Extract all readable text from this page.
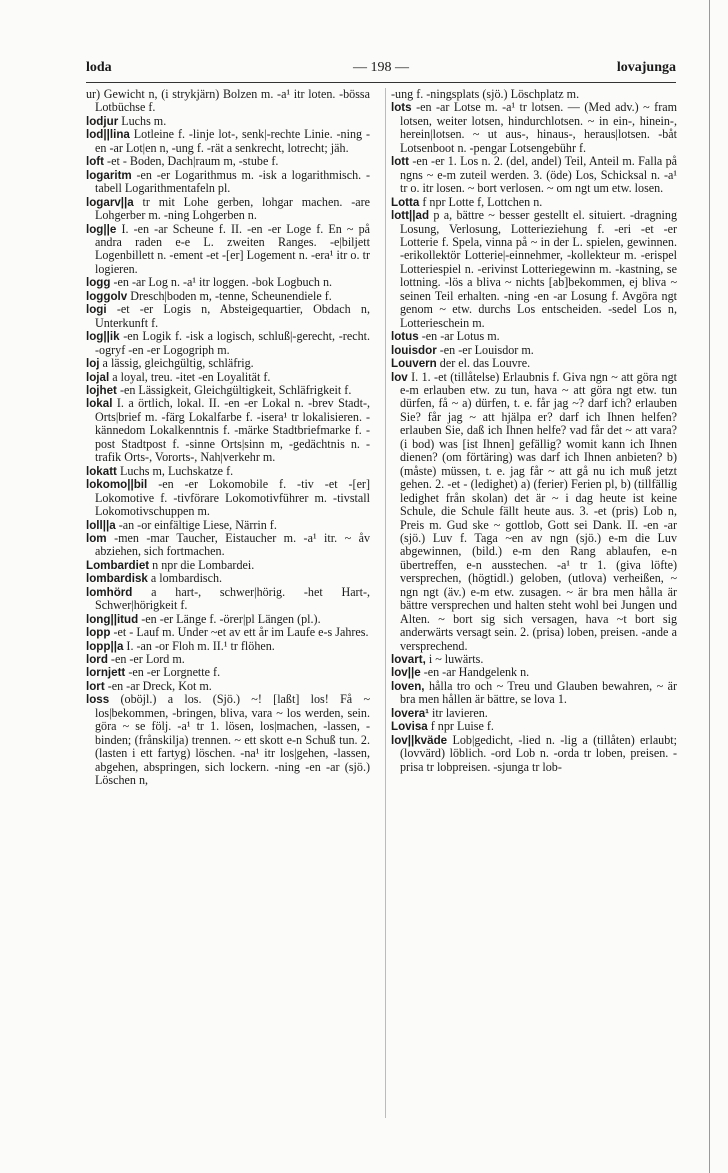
loda	— 198 —	lovajunga

ur) Gewicht n, (i strykjärn) Bolzen m. -a¹ itr loten. -bössa Lotbüchse f.

lodjur Luchs m.

lod||lina Lotleine f. -linje lot-, senk|-rechte Linie. -ning -en -ar Lot|en n, -ung f. -rät a senkrecht, lotrecht; jäh.

loft -et - Boden, Dach|raum m, -stube f.

logaritm -en -er Logarithmus m. -isk a logarithmisch. -tabell Logarithmentafeln pl.

logarv||a tr mit Lohe gerben, lohgar machen. -are Lohgerber m. -ning Lohgerben n.

log||e I. -en -ar Scheune f. II. -en -er Loge f. En ~ på andra raden e-e L. zweiten Ranges. -e|biljett Logenbillett n. -ement -et -[er] Logement n. -era¹ itr o. tr logieren.

logg -en -ar Log n. -a¹ itr loggen. -bok Logbuch n.

loggolv Dresch|boden m, -tenne, Scheunendiele f.

logi -et -er Logis n, Absteigequartier, Obdach n, Unterkunft f.

log||ik -en Logik f. -isk a logisch, schluß|-gerecht, -recht. -ogryf -en -er Logogriph m.

loj a lässig, gleichgültig, schläfrig.

lojal a loyal, treu. -itet -en Loyalität f.

lojhet -en Lässigkeit, Gleichgültigkeit, Schläfrigkeit f.

lokal I. a örtlich, lokal. II. -en -er Lokal n. -brev Stadt-, Orts|brief m. -färg Lokalfarbe f. -isera¹ tr lokalisieren. -kännedom Lokalkenntnis f. -märke Stadtbriefmarke f. -post Stadtpost f. -sinne Orts|sinn m, -gedächtnis n. -trafik Orts-, Vororts-, Nah|verkehr m.

lokatt Luchs m, Luchskatze f.

lokomo||bil -en -er Lokomobile f. -tiv -et -[er] Lokomotive f. -tivförare Lokomotivführer m. -tivstall Lokomotivschuppen m.

loll||a -an -or einfältige Liese, Närrin f.

lom -men -mar Taucher, Eistaucher m. -a¹ itr. ~ åv abziehen, sich fortmachen.

Lombardiet n npr die Lombardei.

lombardisk a lombardisch.

lomhörd a hart-, schwer|hörig. -het Hart-, Schwer|hörigkeit f.

long||itud -en -er Länge f. -örer|pl Längen (pl.).

lopp -et - Lauf m. Under ~et av ett år im Laufe e-s Jahres.

lopp||a I. -an -or Floh m. II.¹ tr flöhen.

lord -en -er Lord m.

lornjett -en -er Lorgnette f.

lort -en -ar Dreck, Kot m.

loss (oböjl.) a los. (Sjö.) ~! [laßt] los! Få ~ los|bekommen, -bringen, bliva, vara ~ los werden, sein. göra ~ se följ. -a¹ tr 1. lösen, los|machen, -lassen, -binden; (frånskilja) trennen. ~ ett skott e-n Schuß tun. 2. (lasten i ett fartyg) löschen. -na¹ itr los|gehen, -lassen, abgehen, abspringen, sich lockern. -ning -en -ar (sjö.) Löschen n,

-ung f. -ningsplats (sjö.) Löschplatz m.

lots -en -ar Lotse m. -a¹ tr lotsen. — (Med adv.) ~ fram lotsen, weiter lotsen, hindurchlotsen. ~ in ein-, hinein-, herein|lotsen. ~ ut aus-, hinaus-, heraus|lotsen. -båt Lotsenboot n. -pengar Lotsengebühr f.

lott -en -er 1. Los n. 2. (del, andel) Teil, Anteil m. Falla på ngns ~ e-m zuteil werden. 3. (öde) Los, Schicksal n. -a¹ tr o. itr losen. ~ bort verlosen. ~ om ngt um etw. losen.

Lotta f npr Lotte f, Lottchen n.

lott||ad p a, bättre ~ besser gestellt el. situiert. -dragning Losung, Verlosung, Lotterieziehung f. -eri -et -er Lotterie f. Spela, vinna på ~ in der L. spielen, gewinnen. -erikollektör Lotterie|-einnehmer, -kollekteur m. -erispel Lotteriespiel n. -erivinst Lotteriegewinn m. -kastning, se lottning. -lös a bliva ~ nichts [ab]bekommen, ej bliva ~ seinen Teil erhalten. -ning -en -ar Losung f. Avgöra ngt genom ~ etw. durchs Los entscheiden. -sedel Los n, Lotterieschein m.

lotus -en -ar Lotus m.

louisdor -en -er Louisdor m.

Louvern der el. das Louvre.

lov I. 1. -et (tillåtelse) Erlaubnis f. Giva ngn ~ att göra ngt e-m erlauben etw. zu tun, hava ~ att göra ngt etw. tun dürfen, få ~ a) dürfen, t. e. får jag ~? darf ich? erlauben Sie? får jag ~ att hjälpa er? darf ich Ihnen helfen? erlauben Sie, daß ich Ihnen helfe? vad får det ~ att vara? (i bod) was [ist Ihnen] gefällig? womit kann ich Ihnen dienen? (om förtäring) was darf ich Ihnen anbieten? b) (måste) müssen, t. e. jag får ~ att gå nu ich muß jetzt gehen. 2. -et - (ledighet) a) (ferier) Ferien pl, b) (tillfällig ledighet från skolan) det är ~ i dag heute ist keine Schule, die Schule fällt heute aus. 3. -et (pris) Lob n, Preis m. Gud ske ~ gottlob, Gott sei Dank. II. -en -ar (sjö.) Luv f. Taga ~en av ngn (sjö.) e-m die Luv abgewinnen, (bild.) e-m den Rang ablaufen, e-n übertreffen, e-n ausstechen. -a¹ tr 1. (giva löfte) versprechen, (högtidl.) geloben, (utlova) verheißen, ~ ngn ngt (äv.) e-m etw. zusagen. ~ är bra men hålla är bättre versprechen und halten steht wohl bei Jungen und Alten. ~ bort sig sich versagen, hava ~t bort sig anderwärts versagt sein. 2. (prisa) loben, preisen. -ande a versprechend.

lovart, i ~ luwärts.

lov||e -en -ar Handgelenk n.

loven, hålla tro och ~ Treu und Glauben bewahren, ~ är bra men hållen är bättre, se lova 1.

lovera¹ itr lavieren.

Lovisa f npr Luise f.

lov||kväde Lob|gedicht, -lied n. -lig a (tillåten) erlaubt; (lovvärd) löblich. -ord Lob n. -orda tr loben, preisen. -prisa tr lobpreisen. -sjunga tr lob-
